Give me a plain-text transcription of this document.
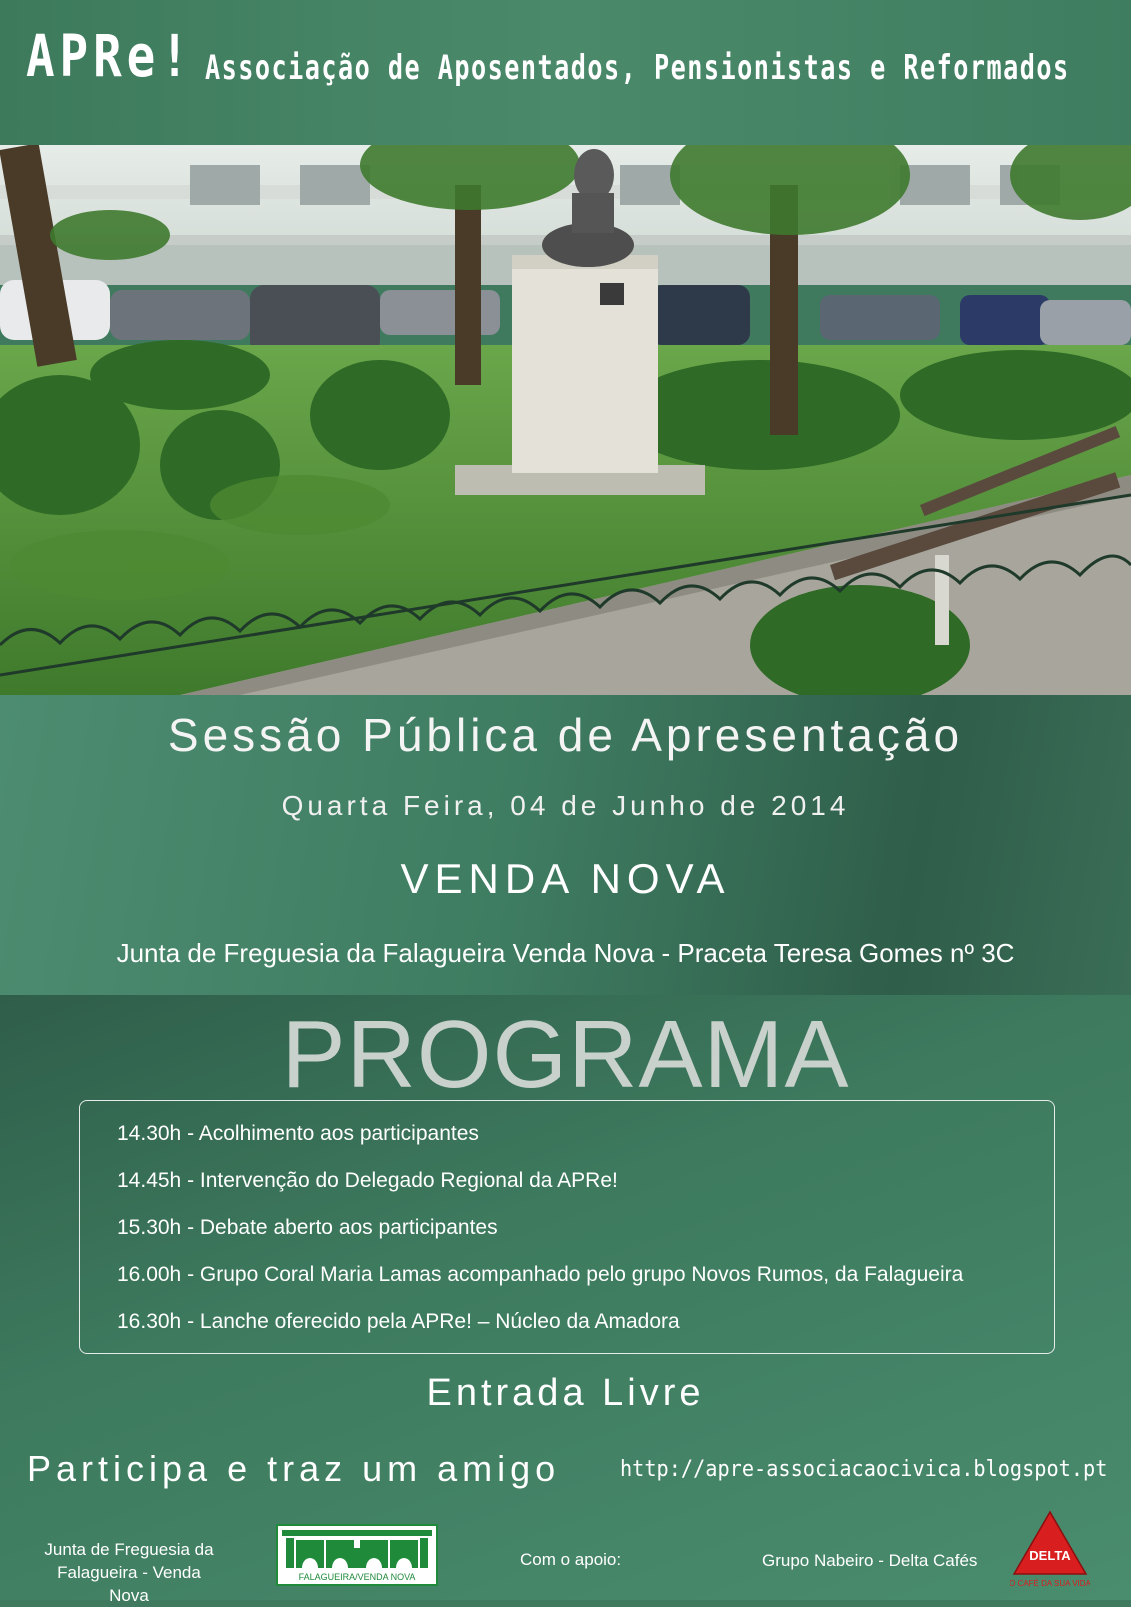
APRe! Associação de Aposentados, Pensionistas e Reformados
Sessão Pública de Apresentação
Quarta Feira, 04 de Junho de 2014
VENDA NOVA
Junta de Freguesia da Falagueira Venda Nova - Praceta Teresa Gomes nº 3C
PROGRAMA
14.30h - Acolhimento aos participantes
14.45h - Intervenção do Delegado Regional da APRe!
15.30h - Debate aberto aos participantes
16.00h - Grupo Coral Maria Lamas acompanhado pelo grupo Novos Rumos, da Falagueira
16.30h - Lanche oferecido pela APRe! – Núcleo da Amadora
Entrada Livre
Participa e traz um amigo	http://apre-associacaocivica.blogspot.pt
Junta de Freguesia da
Falagueira - Venda Nova
FALAGUEIRA/VENDA NOVA
Com o apoio:	Grupo Nabeiro - Delta Cafés	DELTA
O CAFÉ DA SUA VIDA
